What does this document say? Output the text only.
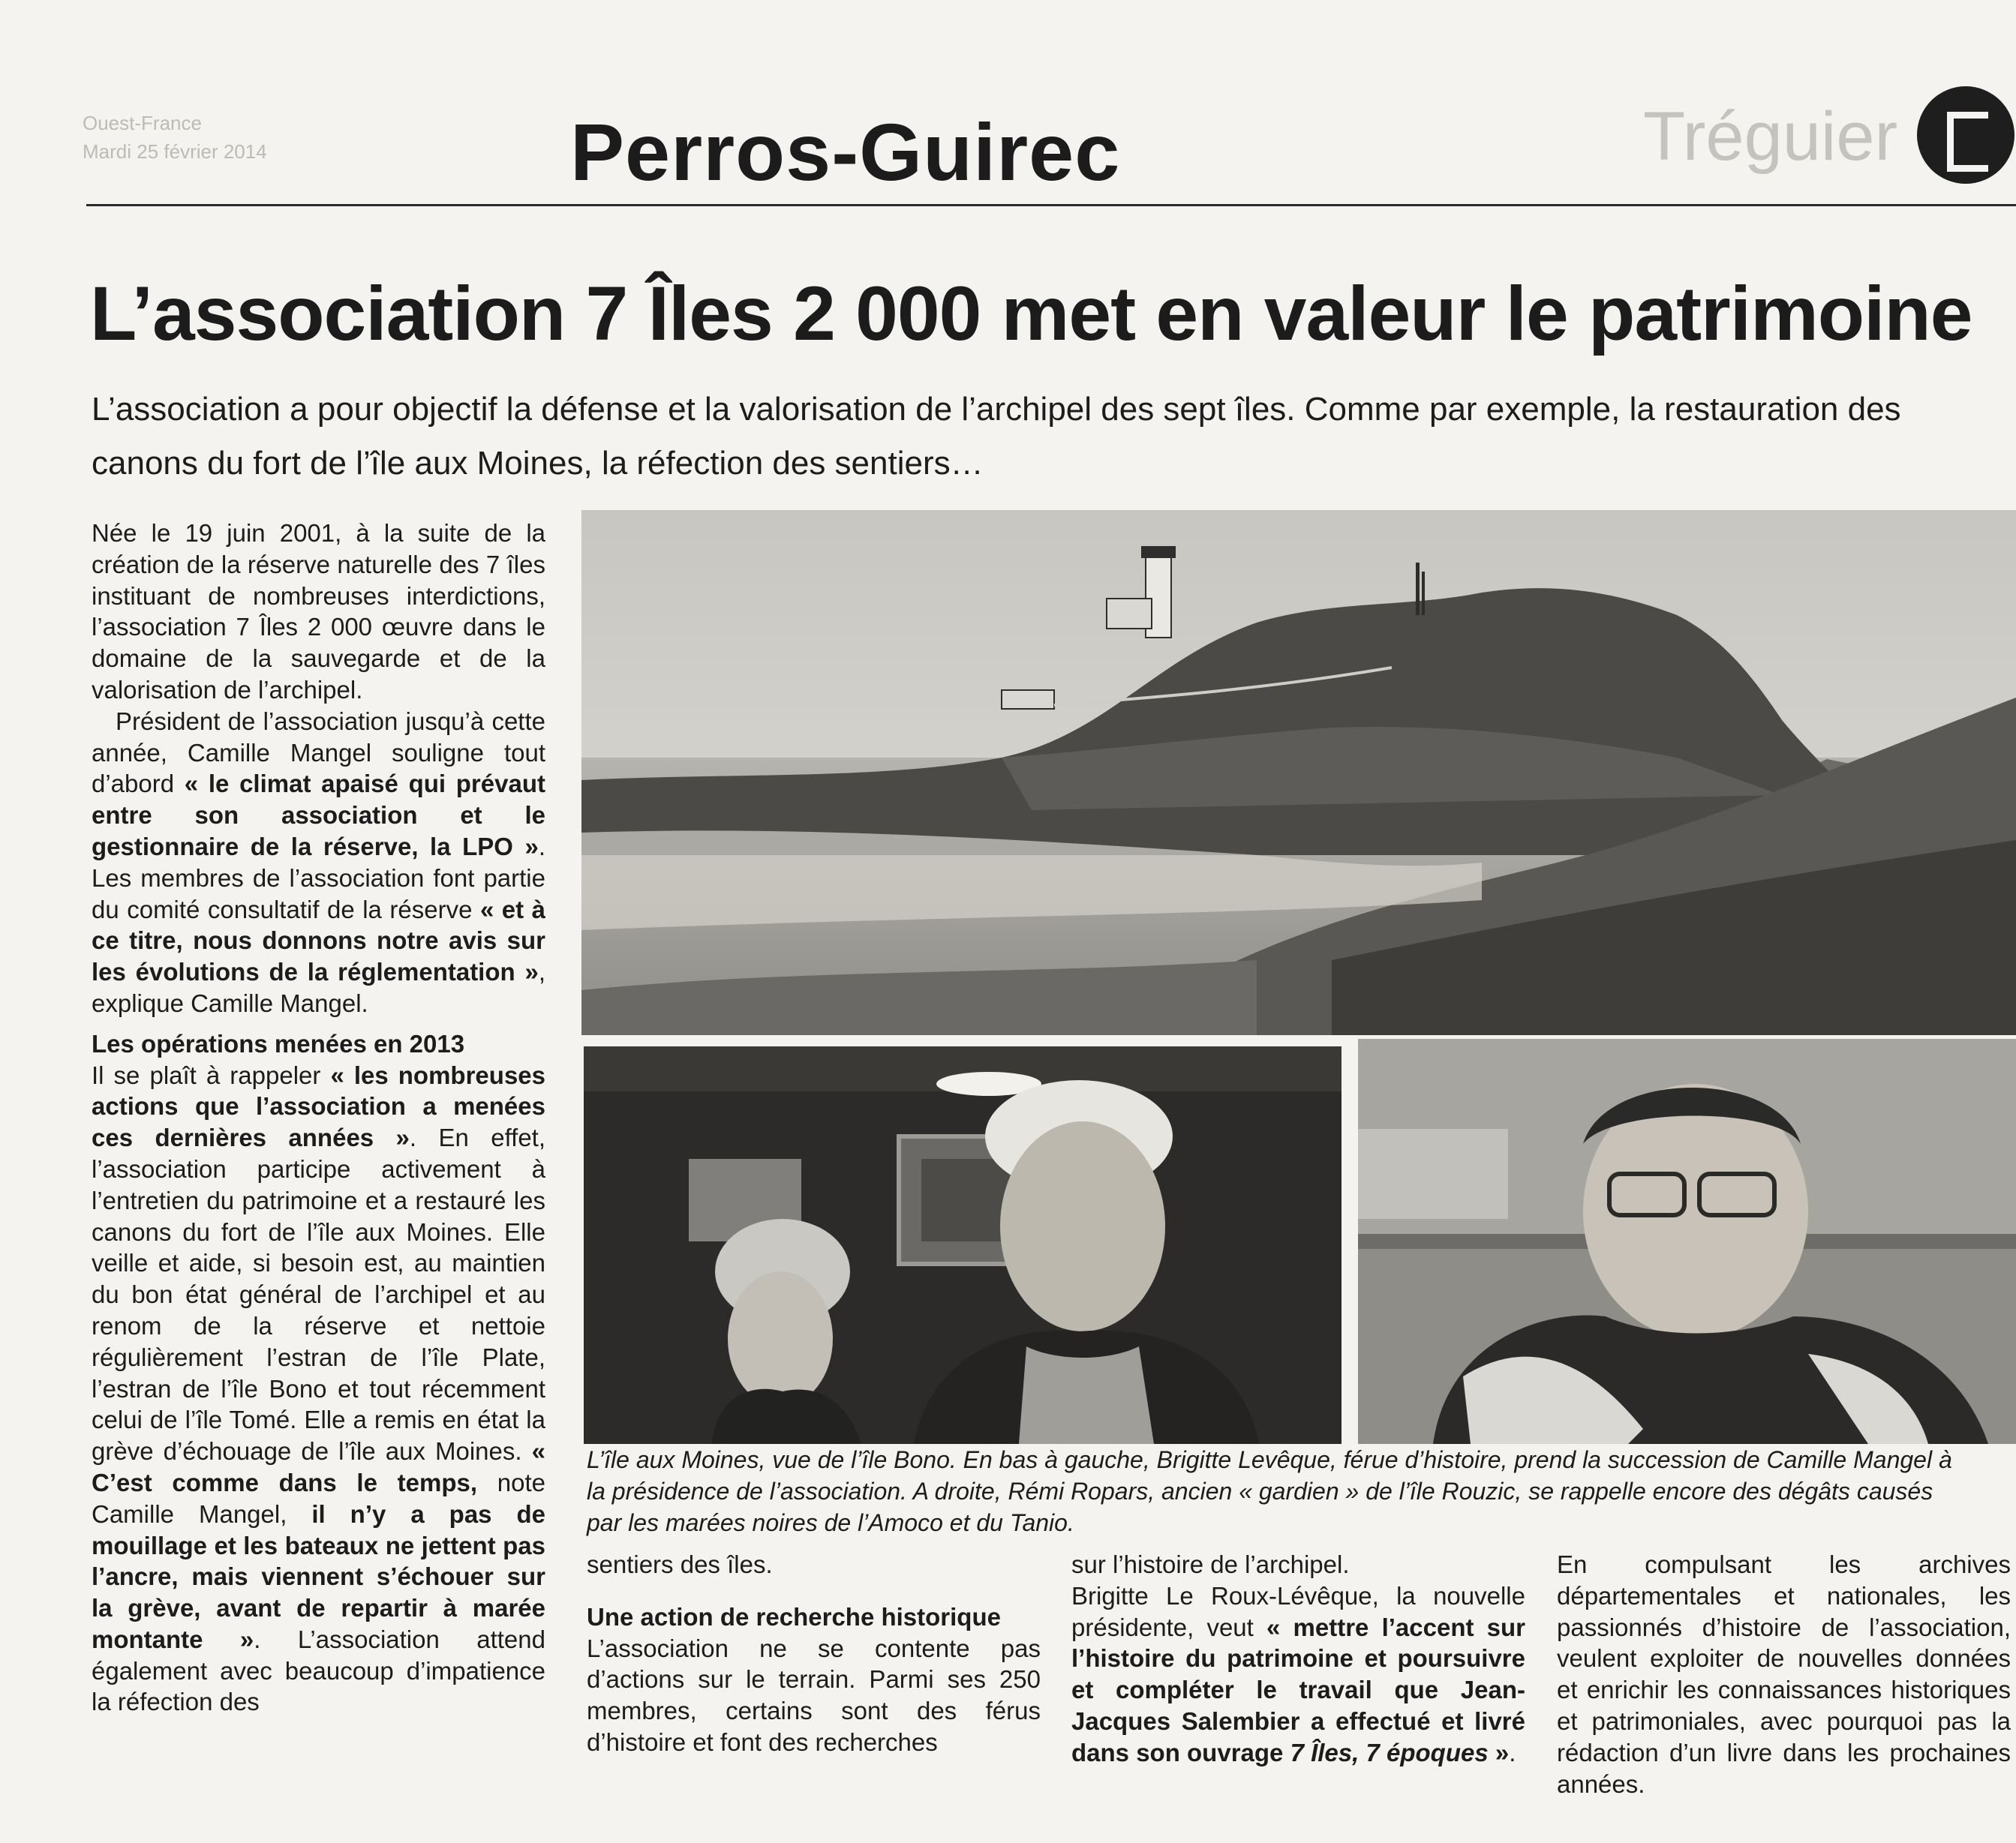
Ouest-France
Mardi 25 février 2014	Perros-Guirec	Tréguier
L’association 7 Îles 2 000 met en valeur le patrimoine
L’association a pour objectif la défense et la valorisation de l’archipel des sept îles. Comme par exemple, la restauration des canons du fort de l’île aux Moines, la réfection des sentiers…

Née le 19 juin 2001, à la suite de la création de la réserve naturelle des 7 îles instituant de nombreuses interdictions, l’association 7 Îles 2 000 œuvre dans le domaine de la sauvegarde et de la valorisation de l’archipel.

Président de l’association jusqu’à cette année, Camille Mangel souligne tout d’abord « le climat apaisé qui prévaut entre son association et le gestionnaire de la réserve, la LPO ». Les membres de l’association font partie du comité consultatif de la réserve « et à ce titre, nous donnons notre avis sur les évolutions de la réglementation », explique Camille Mangel.

Les opérations menées en 2013

Il se plaît à rappeler « les nombreuses actions que l’association a menées ces dernières années ». En effet, l’association participe activement à l’entretien du patrimoine et a restauré les canons du fort de l’île aux Moines. Elle veille et aide, si besoin est, au maintien du bon état général de l’archipel et au renom de la réserve et nettoie régulièrement l’estran de l’île Plate, l’estran de l’île Bono et tout récemment celui de l’île Tomé. Elle a remis en état la grève d’échouage de l’île aux Moines. « C’est comme dans le temps, note Camille Mangel, il n’y a pas de mouillage et les bateaux ne jettent pas l’ancre, mais viennent s’échouer sur la grève, avant de repartir à marée montante ». L’association attend également avec beaucoup d’impatience la réfection des

L’île aux Moines, vue de l’île Bono. En bas à gauche, Brigitte Levêque, férue d’histoire, prend la succession de Camille Mangel à la présidence de l’association. A droite, Rémi Ropars, ancien « gardien » de l’île Rouzic, se rappelle encore des dégâts causés par les marées noires de l’Amoco et du Tanio.

sentiers des îles.

Une action de recherche historique

L’association ne se contente pas d’actions sur le terrain. Parmi ses 250 membres, certains sont des férus d’histoire et font des recherches

sur l’histoire de l’archipel.

Brigitte Le Roux-Lévêque, la nouvelle présidente, veut « mettre l’accent sur l’histoire du patrimoine et poursuivre et compléter le travail que Jean-Jacques Salembier a effectué et livré dans son ouvrage 7 Îles, 7 époques ».

En compulsant les archives départementales et nationales, les passionnés d’histoire de l’association, veulent exploiter de nouvelles données et enrichir les connaissances historiques et patrimoniales, avec pourquoi pas la rédaction d’un livre dans les prochaines années.
